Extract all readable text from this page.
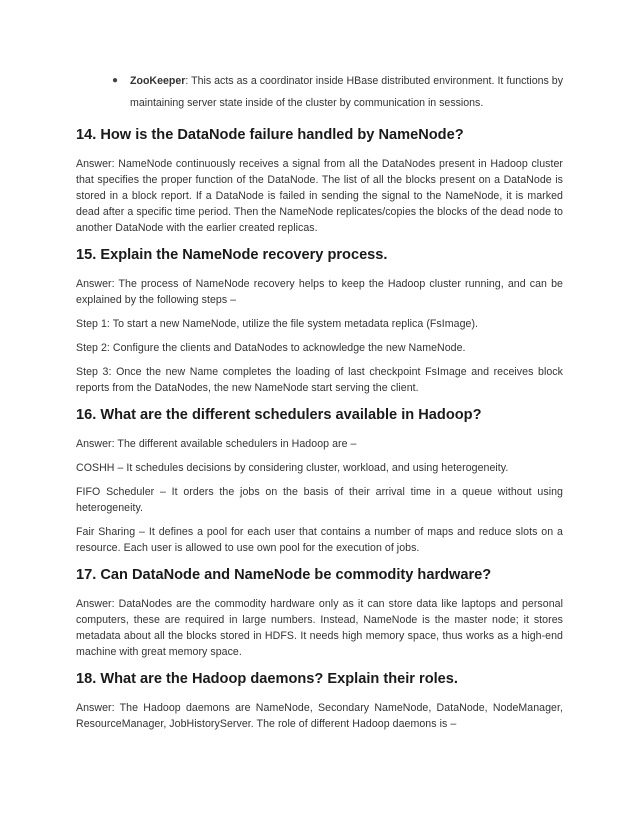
●	ZooKeeper: This acts as a coordinator inside HBase distributed environment. It functions by maintaining server state inside of the cluster by communication in sessions.
14. How is the DataNode failure handled by NameNode?

Answer: NameNode continuously receives a signal from all the DataNodes present in Hadoop cluster that specifies the proper function of the DataNode. The list of all the blocks present on a DataNode is stored in a block report. If a DataNode is failed in sending the signal to the NameNode, it is marked dead after a specific time period. Then the NameNode replicates/copies the blocks of the dead node to another DataNode with the earlier created replicas.

15. Explain the NameNode recovery process.

Answer: The process of NameNode recovery helps to keep the Hadoop cluster running, and can be explained by the following steps –

Step 1: To start a new NameNode, utilize the file system metadata replica (FsImage).

Step 2: Configure the clients and DataNodes to acknowledge the new NameNode.

Step 3: Once the new Name completes the loading of last checkpoint FsImage and receives block reports from the DataNodes, the new NameNode start serving the client.

16. What are the different schedulers available in Hadoop?

Answer: The different available schedulers in Hadoop are –

COSHH – It schedules decisions by considering cluster, workload, and using heterogeneity.

FIFO Scheduler – It orders the jobs on the basis of their arrival time in a queue without using heterogeneity.

Fair Sharing – It defines a pool for each user that contains a number of maps and reduce slots on a resource. Each user is allowed to use own pool for the execution of jobs.

17. Can DataNode and NameNode be commodity hardware?

Answer: DataNodes are the commodity hardware only as it can store data like laptops and personal computers, these are required in large numbers. Instead, NameNode is the master node; it stores metadata about all the blocks stored in HDFS. It needs high memory space, thus works as a high-end machine with great memory space.

18. What are the Hadoop daemons? Explain their roles.

Answer: The Hadoop daemons are NameNode, Secondary NameNode, DataNode, NodeManager, ResourceManager, JobHistoryServer. The role of different Hadoop daemons is –
